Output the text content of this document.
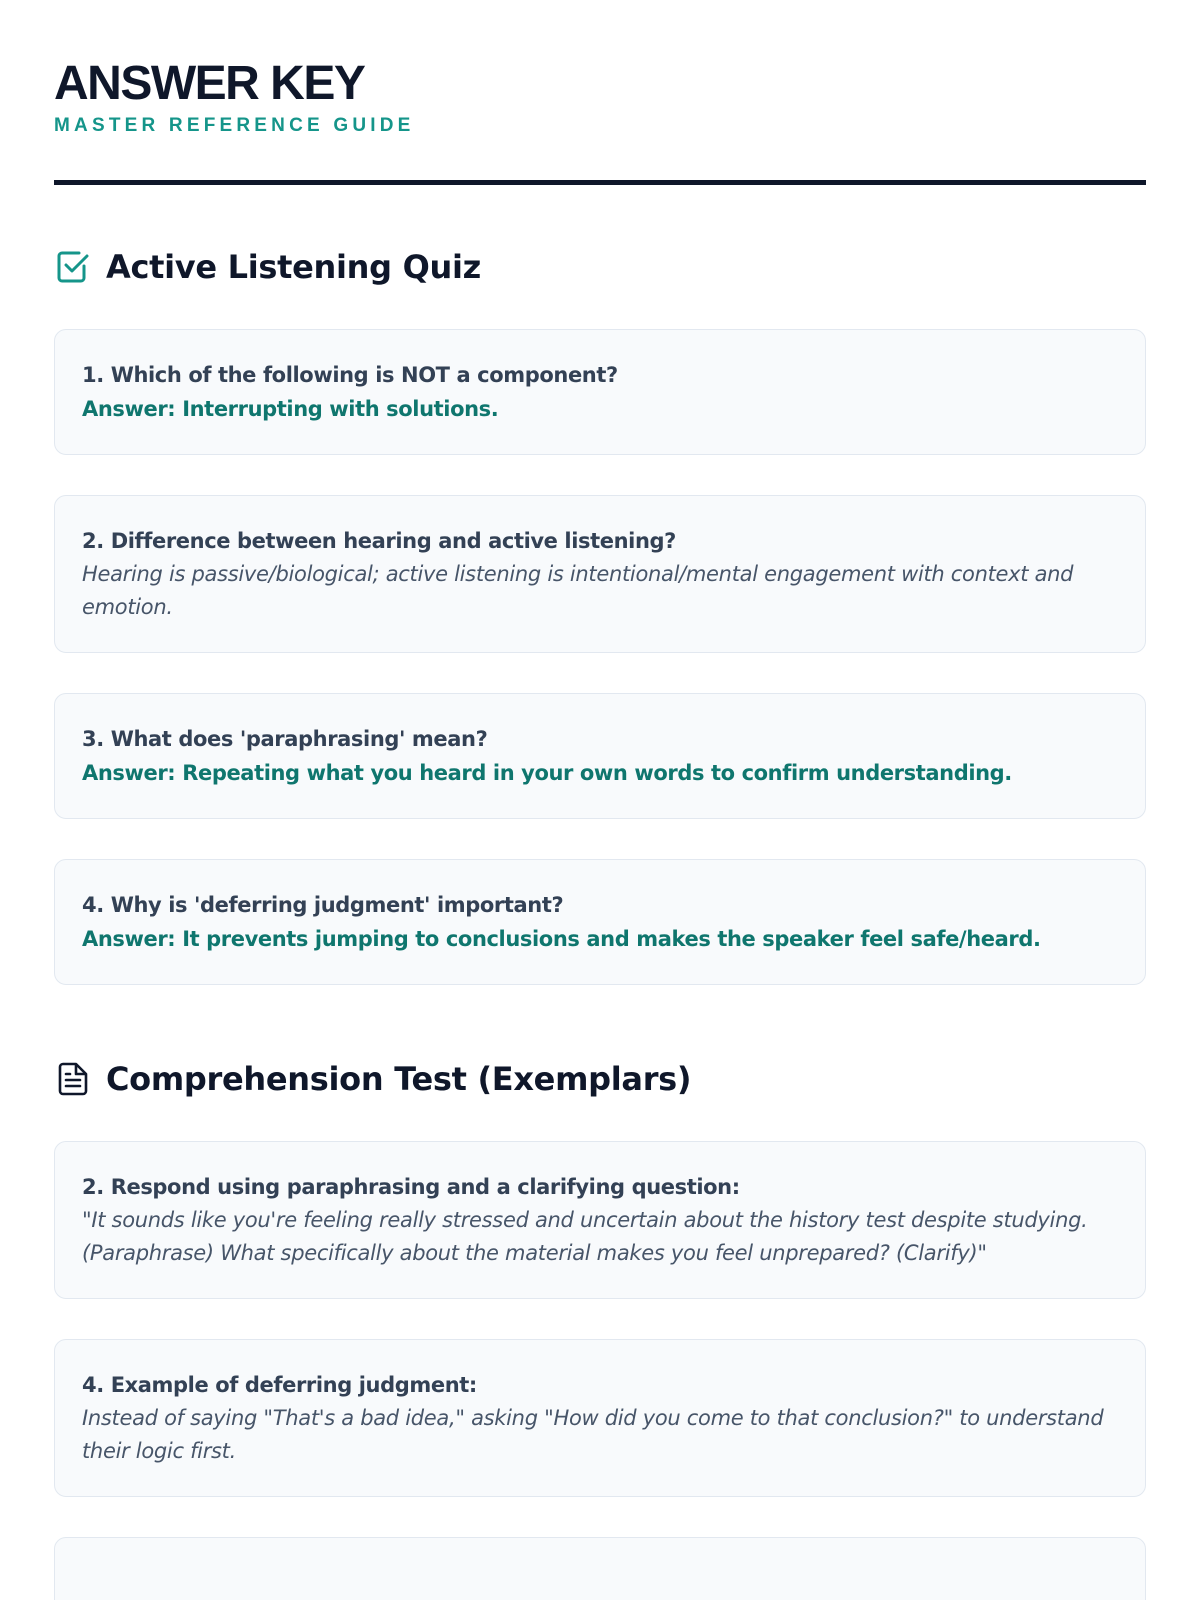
ANSWER KEY
MASTER REFERENCE GUIDE
Active Listening Quiz
1. Which of the following is NOT a component?
Answer: Interrupting with solutions.
2. Difference between hearing and active listening?
Hearing is passive/biological; active listening is intentional/mental engagement with context and emotion.
3. What does 'paraphrasing' mean?
Answer: Repeating what you heard in your own words to confirm understanding.
4. Why is 'deferring judgment' important?
Answer: It prevents jumping to conclusions and makes the speaker feel safe/heard.
Comprehension Test (Exemplars)
2. Respond using paraphrasing and a clarifying question:
"It sounds like you're feeling really stressed and uncertain about the history test despite studying. (Paraphrase) What specifically about the material makes you feel unprepared? (Clarify)"
4. Example of deferring judgment:
Instead of saying "That's a bad idea," asking "How did you come to that conclusion?" to understand their logic first.
